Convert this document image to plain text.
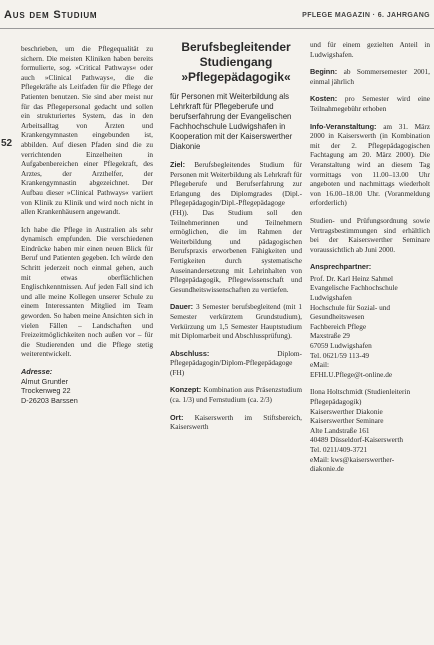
Aus dem Studium	PFLEGE MAGAZIN · 6. JAHRGANG
52

beschrieben, um die Pflegequalität zu sichern. Die meisten Kliniken haben bereits formulierte, sog. »Critical Pathways« oder auch »Clinical Pathways«, die die Pflegekräfte als Leitfaden für die Pflege der Patienten benutzen. Sie sind aber meist nur für das Pflegepersonal gedacht und sollen ein strukturiertes System, das in den Arbeitsalltag von Ärzten und Krankengymnasten eingebunden ist, abbilden. Auf diesen Pfaden sind die zu verrichtenden Einzelheiten in Aufgabenbereichen einer Pflegekraft, des Arztes, der Arzthelfer, der Krankengymnastin abgezeichnet. Der Aufbau dieser »Clinical Pathways« variiert von Klinik zu Klinik und wird noch nicht in allen Krankenhäusern angewandt.

Ich habe die Pflege in Australien als sehr dynamisch empfunden. Die verschiedenen Eindrücke haben mir einen neuen Blick für Beruf und Patienten gegeben. Ich würde den Schritt jederzeit noch einmal gehen, auch mit etwas oberflächlichen Englischkenntnissen. Auf jeden Fall sind ich und alle meine Kollegen unserer Schule zu einem Interessanten Mitglied im Team geworden. So haben meine Ansichten sich in vielen Fällen – Landschaften und Freizeitmöglichkeiten noch außen vor – für die Studierenden und die Pflege stetig weiterentwickelt.

Adresse:
Almut Gruntler
Trockenweg 22
D-26203 Barssen
Berufsbegleitender
Studiengang
»Pflegepädagogik«
für Personen mit Weiterbildung als Lehrkraft für Pflegeberufe und berufserfahrung der Evangelischen Fachhochschule Ludwigshafen in Kooperation mit der Kaiserswerther Diakonie

Ziel: Berufsbegleitendes Studium für Personen mit Weiterbildung als Lehrkraft für Pflegeberufe und Berufserfahrung zur Erlangung des Diplomgrades (Dipl.-Pflegepädagogin/Dipl.-Pflegepädagoge (FH)). Das Studium soll den Teilnehmerinnen und Teilnehmern ermöglichen, die im Rahmen der Weiterbildung und pädagogischen Berufspraxis erworbenen Fähigkeiten und Fertigkeiten durch systematische Auseinandersetzung mit Lehrinhalten von Pflegepädagogik, Pflegewissenschaft und Gesundheitswissenschaften zu vertiefen.

Dauer: 3 Semester berufsbegleitend (mit 1 Semester verkürztem Grundstudium), Verkürzung um 1,5 Semester Hauptstudium mit Diplomarbeit und Abschlussprüfung).

Abschluss:	Diplom-Pflegepädagogin/Diplom-Pflegepädagoge (FH)

Konzept: Kombination aus Präsenzstudium (ca. 1/3) und Fernstudium (ca. 2/3)

Ort: Kaiserswerth im Stiftsbereich, Kaiserswerth

und für einem gezielten Anteil in Ludwigshafen.

Beginn: ab Sommersemester 2001, einmal jährlich

Kosten: pro Semester wird eine Teilnahmegebühr erhoben

Info-Veranstaltung: am 31. März 2000 in Kaiserswerth (in Kombination mit der 2. Pflegepädagogischen Fachtagung am 20. März 2000). Die Veranstaltung wird an diesem Tag vormittags von 11.00–13.00 Uhr angeboten und nachmittags wiederholt von 16.00–18.00 Uhr. (Voranmeldung erforderlich)

Studien- und Prüfungsordnung sowie Vertragsbestimmungen sind erhältlich bei der Kaiserswerther Seminare voraussichtlich ab Juni 2000.

Ansprechpartner:

Prof. Dr. Karl Heinz Sahmel
Evangelische Fachhochschule
Ludwigshafen
Hochschule für Sozial- und
Gesundheitswesen
Fachbereich Pflege
Maxstraße 29
67059 Ludwigshafen
Tel. 0621/59 113-49
eMail:
EFHLU.Pflege@t-online.de

Ilona Holtschmidt (Studienleiterin Pflegepädagogik)
Kaiserswerther Diakonie
Kaiserswerther Seminare
Alte Landstraße 161
40489 Düsseldorf-Kaiserswerth
Tel. 0211/409-3721
eMail: kws@kaiserswerther-
diakonie.de
